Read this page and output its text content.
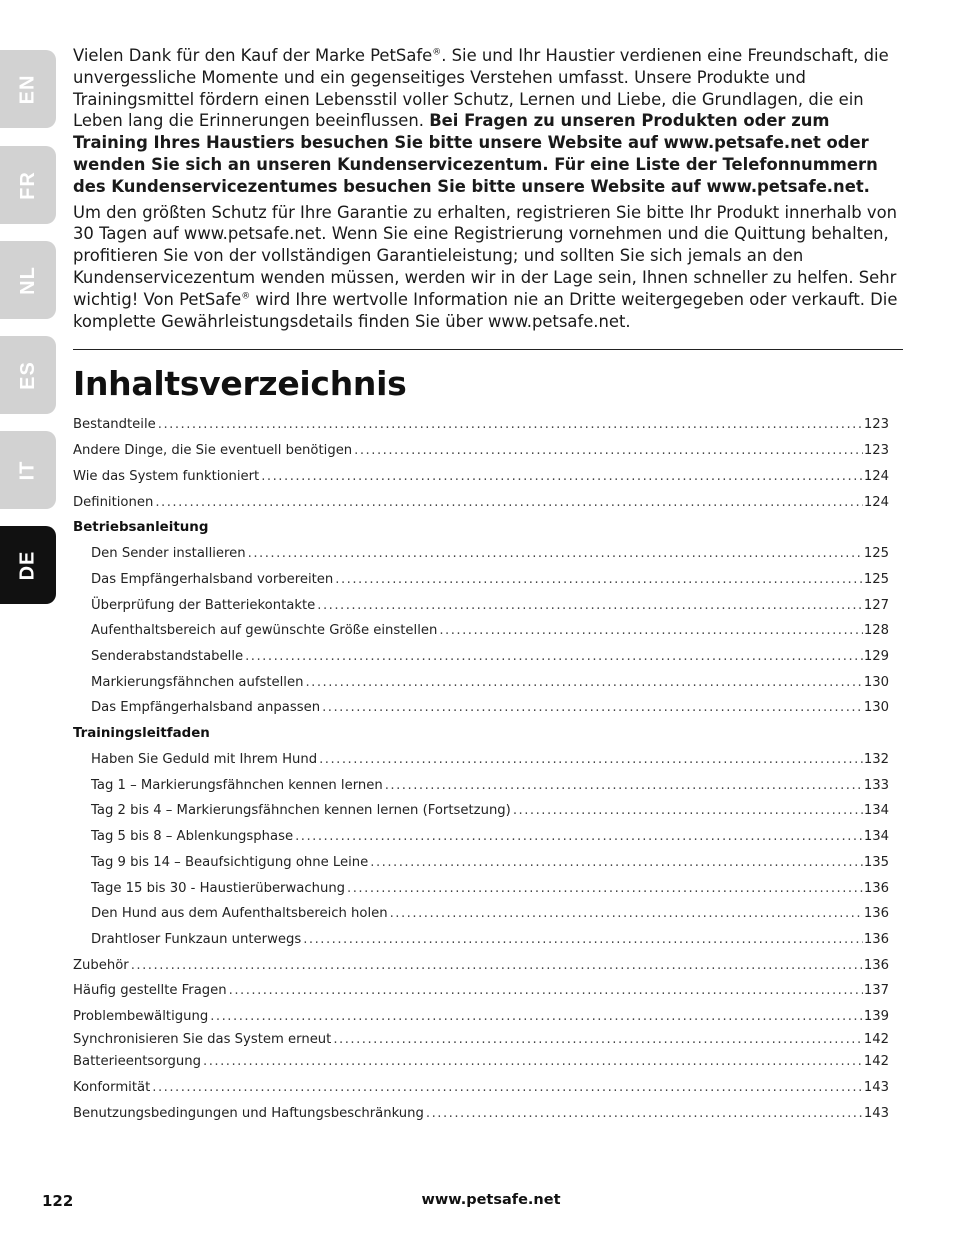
EN
FR
NL
ES
IT
DE

Vielen Dank für den Kauf der Marke PetSafe®. Sie und Ihr Haustier verdienen eine Freundschaft, die unvergessliche Momente und ein gegenseitiges Verstehen umfasst. Unsere Produkte und Trainingsmittel fördern einen Lebensstil voller Schutz, Lernen und Liebe, die Grundlagen, die ein Leben lang die Erinnerungen beeinflussen. Bei Fragen zu unseren Produkten oder zum Training Ihres Haustiers besuchen Sie bitte unsere Website auf www.petsafe.net oder wenden Sie sich an unseren Kundenservicezentum. Für eine Liste der Telefonnummern des Kundenservicezentumes besuchen Sie bitte unsere Website auf www.petsafe.net.

Um den größten Schutz für Ihre Garantie zu erhalten, registrieren Sie bitte Ihr Produkt innerhalb von 30 Tagen auf www.petsafe.net. Wenn Sie eine Registrierung vornehmen und die Quittung behalten, profitieren Sie von der vollständigen Garantieleistung; und sollten Sie sich jemals an den Kundenservicezentum wenden müssen, werden wir in der Lage sein, Ihnen schneller zu helfen. Sehr wichtig! Von PetSafe® wird Ihre wertvolle Information nie an Dritte weitergegeben oder verkauft. Die komplette Gewährleistungsdetails finden Sie über www.petsafe.net.

Inhaltsverzeichnis
Bestandteile .....	123
Andere Dinge, die Sie eventuell benötigen .....	123
Wie das System funktioniert .....	124
Definitionen .....	124
Betriebsanleitung
Den Sender installieren .....	125
Das Empfängerhalsband vorbereiten .....	125
Überprüfung der Batteriekontakte .....	127
Aufenthaltsbereich auf gewünschte Größe einstellen .....	128
Senderabstandstabelle .....	129
Markierungsfähnchen aufstellen .....	130
Das Empfängerhalsband anpassen .....	130
Trainingsleitfaden
Haben Sie Geduld mit Ihrem Hund .....	132
Tag 1 – Markierungsfähnchen kennen lernen .....	133
Tag 2 bis 4 – Markierungsfähnchen kennen lernen (Fortsetzung) .....	134
Tag 5 bis 8 – Ablenkungsphase .....	134
Tag 9 bis 14 – Beaufsichtigung ohne Leine .....	135
Tage 15 bis 30 - Haustierüberwachung .....	136
Den Hund aus dem Aufenthaltsbereich holen .....	136
Drahtloser Funkzaun unterwegs .....	136
Zubehör .....	136
Häufig gestellte Fragen .....	137
Problembewältigung .....	139
Synchronisieren Sie das System erneut .....	142
Batterieentsorgung .....	142
Konformität .....	143
Benutzungsbedingungen und Haftungsbeschränkung .....	143
122	www.petsafe.net
